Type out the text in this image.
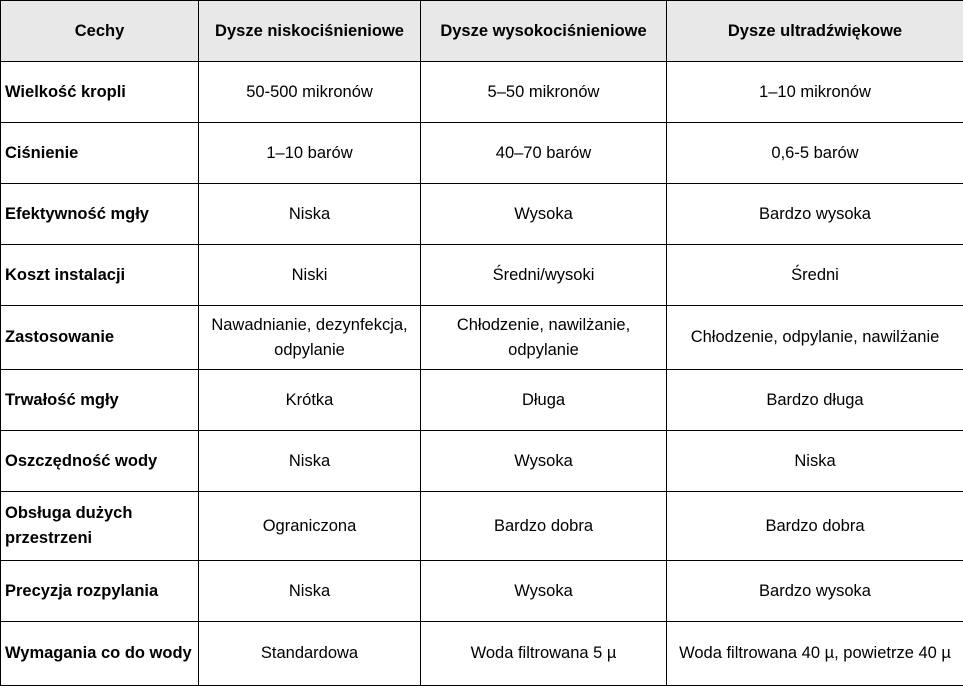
Cechy	Dysze niskociśnieniowe	Dysze wysokociśnieniowe	Dysze ultradźwiękowe
Wielkość kropli	50-500 mikronów	5–50 mikronów	1–10 mikronów
Ciśnienie	1–10 barów	40–70 barów	0,6-5 barów
Efektywność mgły	Niska	Wysoka	Bardzo wysoka
Koszt instalacji	Niski	Średni/wysoki	Średni
Zastosowanie	Nawadnianie, dezynfekcja, odpylanie	Chłodzenie, nawilżanie, odpylanie	Chłodzenie, odpylanie, nawilżanie
Trwałość mgły	Krótka	Długa	Bardzo długa
Oszczędność wody	Niska	Wysoka	Niska
Obsługa dużych przestrzeni	Ograniczona	Bardzo dobra	Bardzo dobra
Precyzja rozpylania	Niska	Wysoka	Bardzo wysoka
Wymagania co do wody	Standardowa	Woda filtrowana 5 µ	Woda filtrowana 40 µ, powietrze 40 µ
